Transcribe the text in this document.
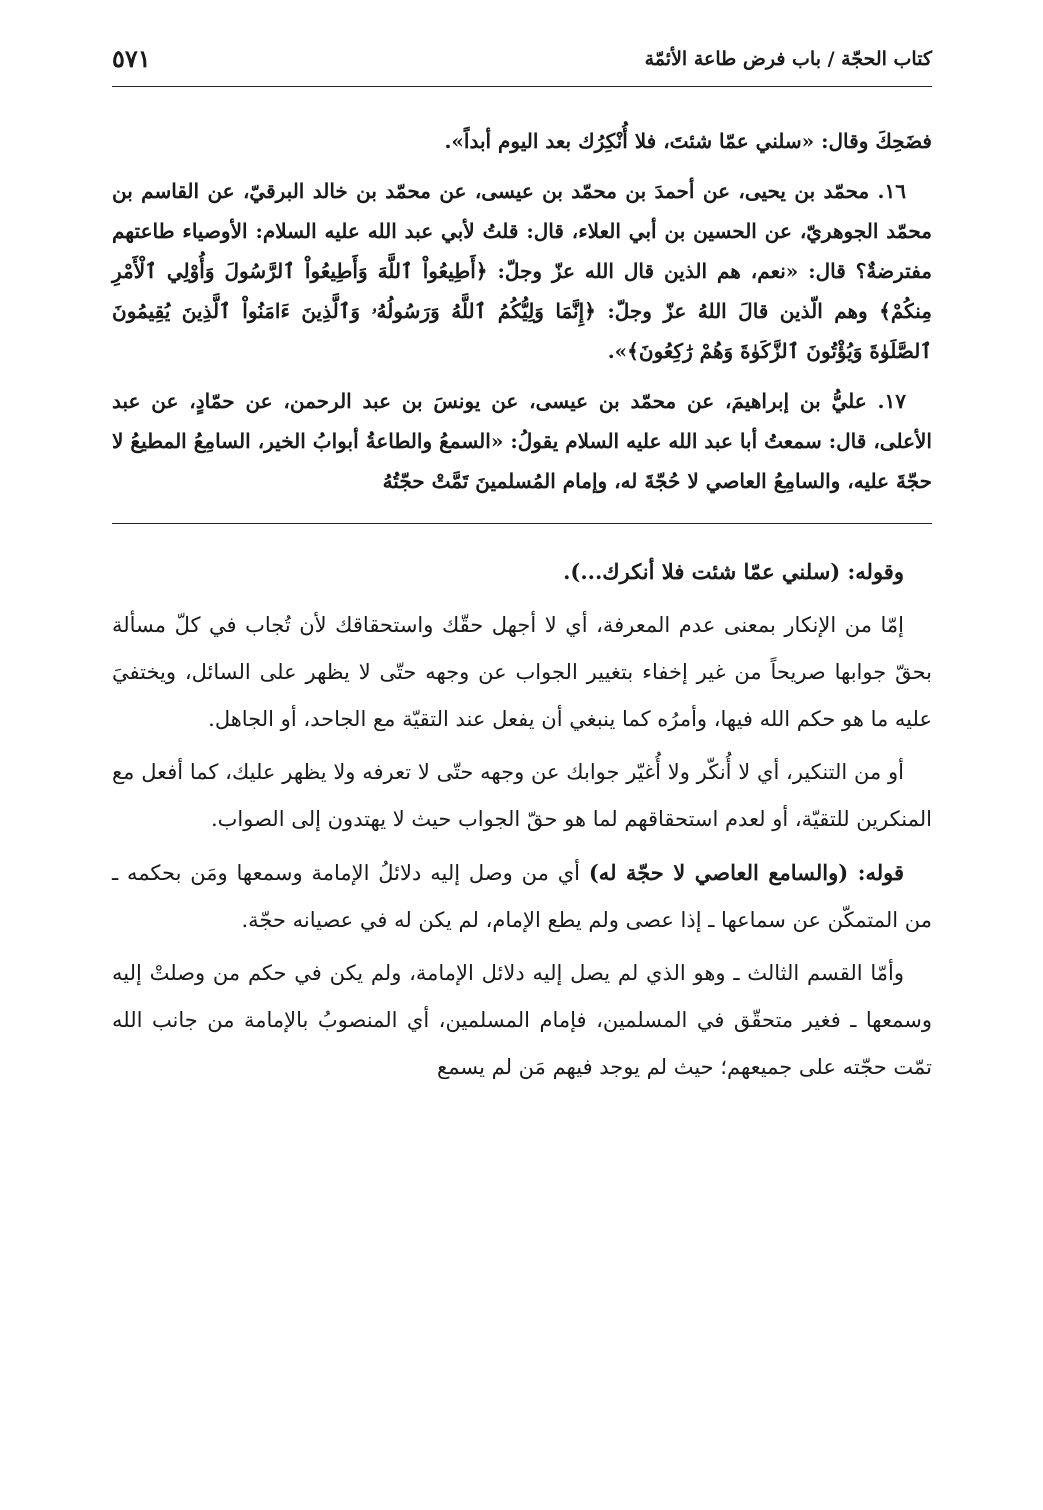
كتاب الحجّة / باب فرض طاعة الأئمّة
٥٧١

فضَحِكَ وقال: «سلني عمّا شئتَ، فلا أُنْكِرُك بعد اليوم أبداً».

١٦. محمّد بن يحيى، عن أحمدَ بن محمّد بن عيسى، عن محمّد بن خالد البرقيّ، عن القاسم بن محمّد الجوهريّ، عن الحسين بن أبي العلاء، قال: قلتُ لأبي عبد الله عليه السلام: الأوصياء طاعتهم مفترضةٌ؟ قال: «نعم، هم الذين قال الله عزّ وجلّ: ﴿أَطِيعُواْ ٱللَّهَ وَأَطِيعُواْ ٱلرَّسُولَ وَأُوْلِي ٱلْأَمْرِ مِنكُمْ﴾ وهم الّذين قالَ اللهُ عزّ وجلّ: ﴿إِنَّمَا وَلِيُّكُمُ ٱللَّهُ وَرَسُولُهُۥ وَٱلَّذِينَ ءَامَنُواْ ٱلَّذِينَ يُقِيمُونَ ٱلصَّلَوٰةَ وَيُؤْتُونَ ٱلزَّكَوٰةَ وَهُمْ رَٰكِعُونَ﴾».

١٧. عليُّ بن إبراهيمَ، عن محمّد بن عيسى، عن يونسَ بن عبد الرحمن، عن حمّادٍ، عن عبد الأعلى، قال: سمعتُ أبا عبد الله عليه السلام يقولُ: «السمعُ والطاعةُ أبوابُ الخير، السامِعُ المطيعُ لا حجّةَ عليه، والسامِعُ العاصي لا حُجّةَ له، وإمام المُسلمينَ تَمَّتْ حجّتُهُ

وقوله: (سلني عمّا شئت فلا أنكرك...).

إمّا من الإنكار بمعنى عدم المعرفة، أي لا أجهل حقّك واستحقاقك لأن تُجاب في كلّ مسألة بحقّ جوابها صريحاً من غير إخفاء بتغيير الجواب عن وجهه حتّى لا يظهر على السائل، ويختفيَ عليه ما هو حكم الله فيها، وأمرُه كما ينبغي أن يفعل عند التقيّة مع الجاحد، أو الجاهل.

أو من التنكير، أي لا أُنكّر ولا أُغيّر جوابك عن وجهه حتّى لا تعرفه ولا يظهر عليك، كما أفعل مع المنكرين للتقيّة، أو لعدم استحقاقهم لما هو حقّ الجواب حيث لا يهتدون إلى الصواب.

قوله: (والسامع العاصي لا حجّة له) أي من وصل إليه دلائلُ الإمامة وسمعها ومَن بحكمه ـ من المتمكّن عن سماعها ـ إذا عصى ولم يطع الإمام، لم يكن له في عصيانه حجّة.

وأمّا القسم الثالث ـ وهو الذي لم يصل إليه دلائل الإمامة، ولم يكن في حكم من وصلتْ إليه وسمعها ـ فغير متحقّق في المسلمين، فإمام المسلمين، أي المنصوبُ بالإمامة من جانب الله تمّت حجّته على جميعهم؛ حيث لم يوجد فيهم مَن لم يسمع
